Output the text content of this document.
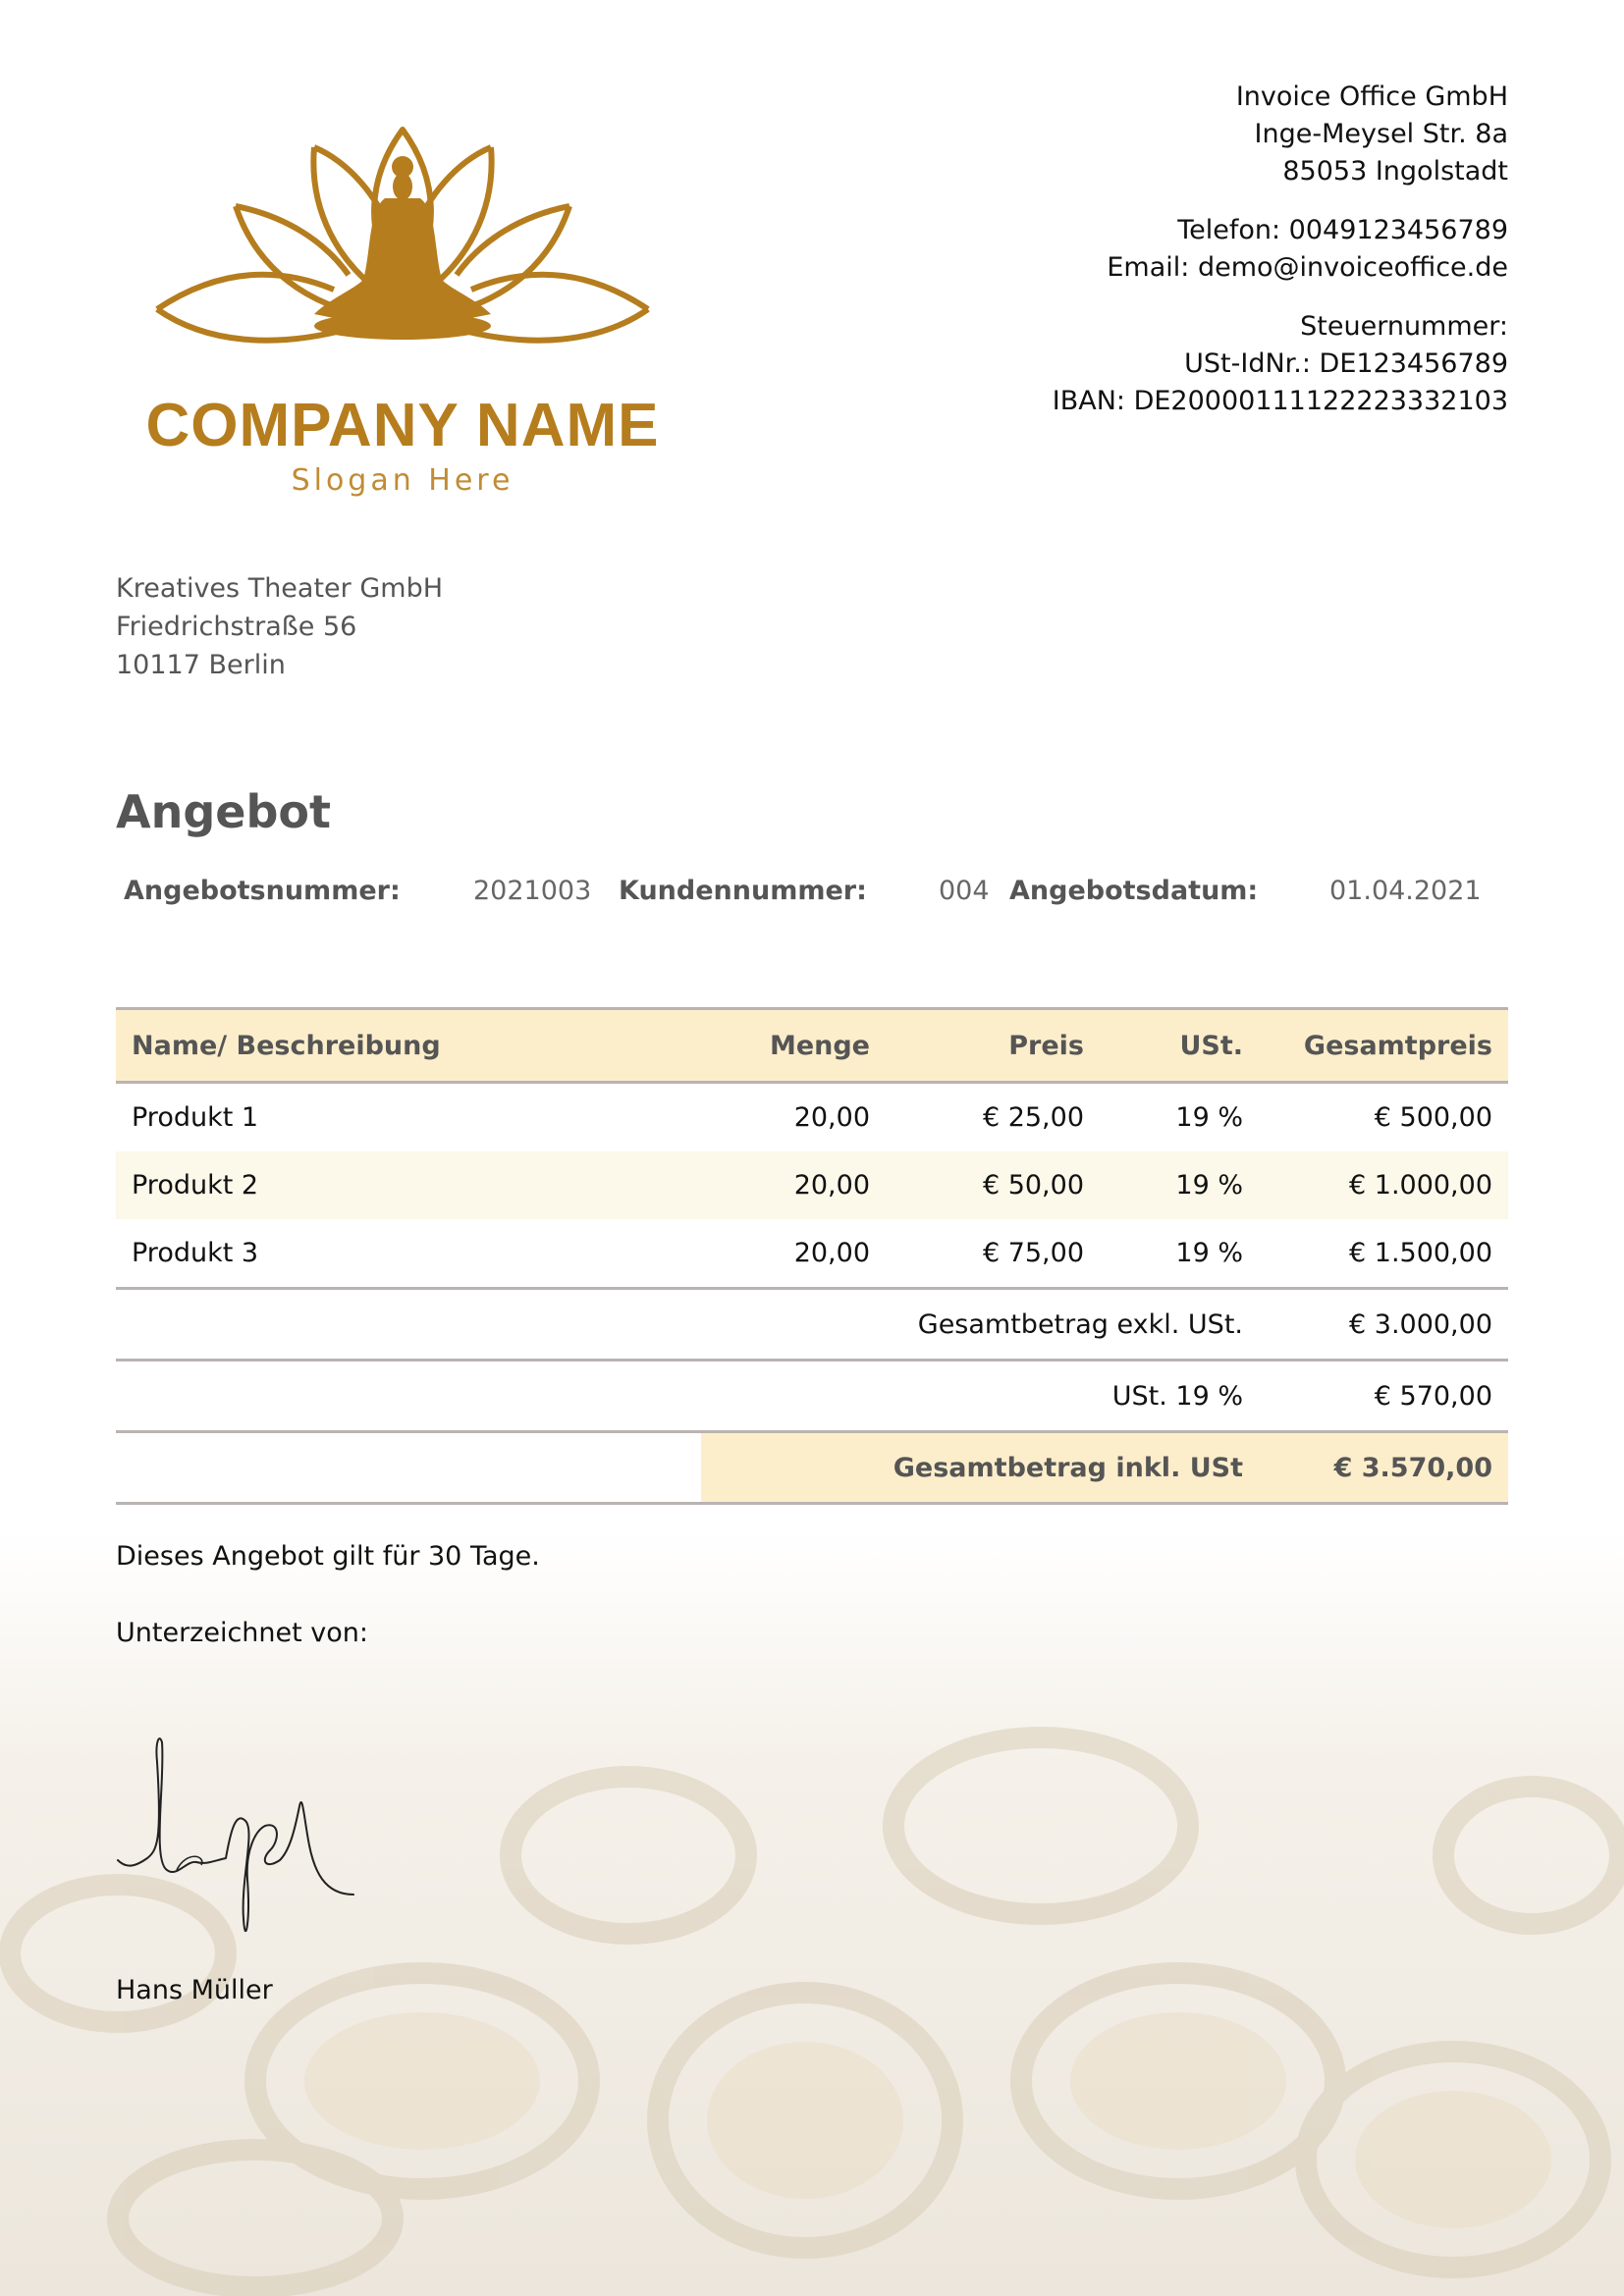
COMPANY NAME
Slogan Here
Invoice Office GmbH
Inge-Meysel Str. 8a
85053 Ingolstadt
Telefon: 0049123456789
Email: demo@invoiceoffice.de
Steuernummer:
USt-IdNr.: DE123456789
IBAN: DE20000111122223332103
Kreatives Theater GmbH
Friedrichstraße 56
10117 Berlin
Angebot
Angebotsnummer:	2021003 Kundennummer:	004 Angebotsdatum:	01.04.2021
Name/ Beschreibung	Menge	Preis	USt.	Gesamtpreis
Produkt 1	20,00	€ 25,00	19 %	€ 500,00
Produkt 2	20,00	€ 50,00	19 %	€ 1.000,00
Produkt 3	20,00	€ 75,00	19 %	€ 1.500,00
	Gesamtbetrag exkl. USt.			€ 3.000,00
	USt. 19 %			€ 570,00
	Gesamtbetrag inkl. USt			€ 3.570,00
Dieses Angebot gilt für 30 Tage.
Unterzeichnet von:
Hans Müller
